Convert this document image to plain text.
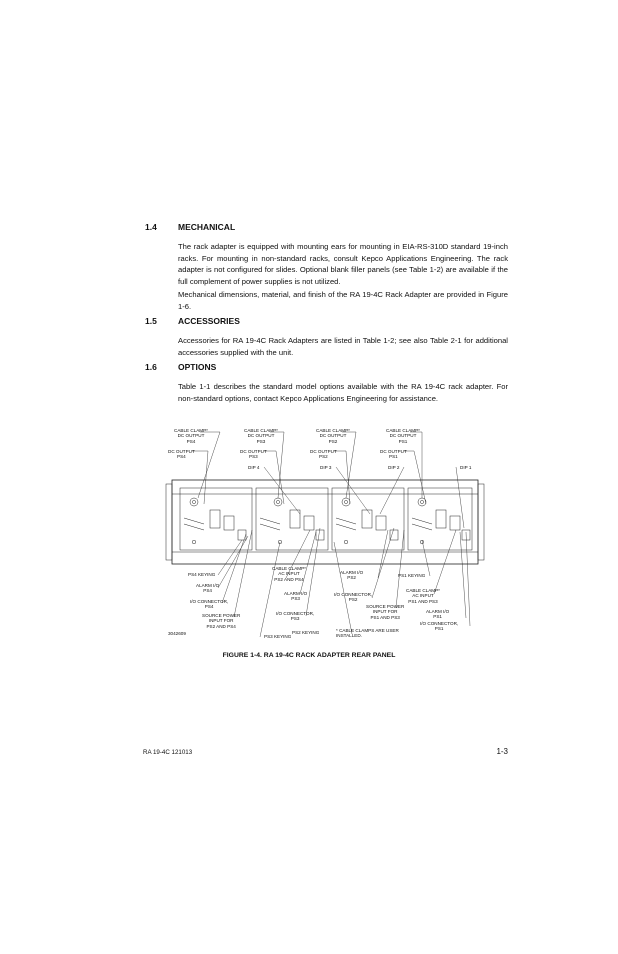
1.4 MECHANICAL

The rack adapter is equipped with mounting ears for mounting in EIA-RS-310D standard 19-inch racks. For mounting in non-standard racks, consult Kepco Applications Engineering. The rack adapter is not configured for slides. Optional blank filler panels (see Table 1-2) are available if the full complement of power supplies is not utilized.

Mechanical dimensions, material, and finish of the RA 19-4C Rack Adapter are provided in Figure 1-6.

1.5 ACCESSORIES

Accessories for RA 19-4C Rack Adapters are listed in Table 1-2; see also Table 2-1 for additional accessories supplied with the unit.

1.6 OPTIONS

Table 1-1 describes the standard model options available with the RA 19-4C rack adapter. For non-standard options, contact Kepco Applications Engineering for assistance.

CABLE CLAMP*
DC OUTPUT
PS4
CABLE CLAMP*
DC OUTPUT
PS3
CABLE CLAMP*
DC OUTPUT
PS2
CABLE CLAMP*
DC OUTPUT
PS1
DC OUTPUT
PS4
DC OUTPUT
PS3
DC OUTPUT
PS2
DC OUTPUT
PS1
DIP 4	DIP 3	DIP 2	DIP 1
PS4 KEYING
ALARM I/O
PS4
I/O CONNECTOR,
PS4
SOURCE POWER
INPUT FOR
PS2 AND PS4
3042609
PS3 KEYING
CABLE CLAMP*
AC INPUT
PS2 AND PS4
ALARM I/O
PS3
I/O CONNECTOR,
PS3
PS2 KEYING
ALARM I/O
PS2
I/O CONNECTOR,
PS2
SOURCE POWER
INPUT FOR
PS1 AND PS3
* CABLE CLAMPS ARE USER
INSTALLED.
PS1 KEYING
CABLE CLAMP*
AC INPUT
PS1 AND PS3
ALARM I/O
PS1
I/O CONNECTOR,
PS1
FIGURE 1-4. RA 19-4C RACK ADAPTER REAR PANEL
RA 19-4C 121013	1-3
